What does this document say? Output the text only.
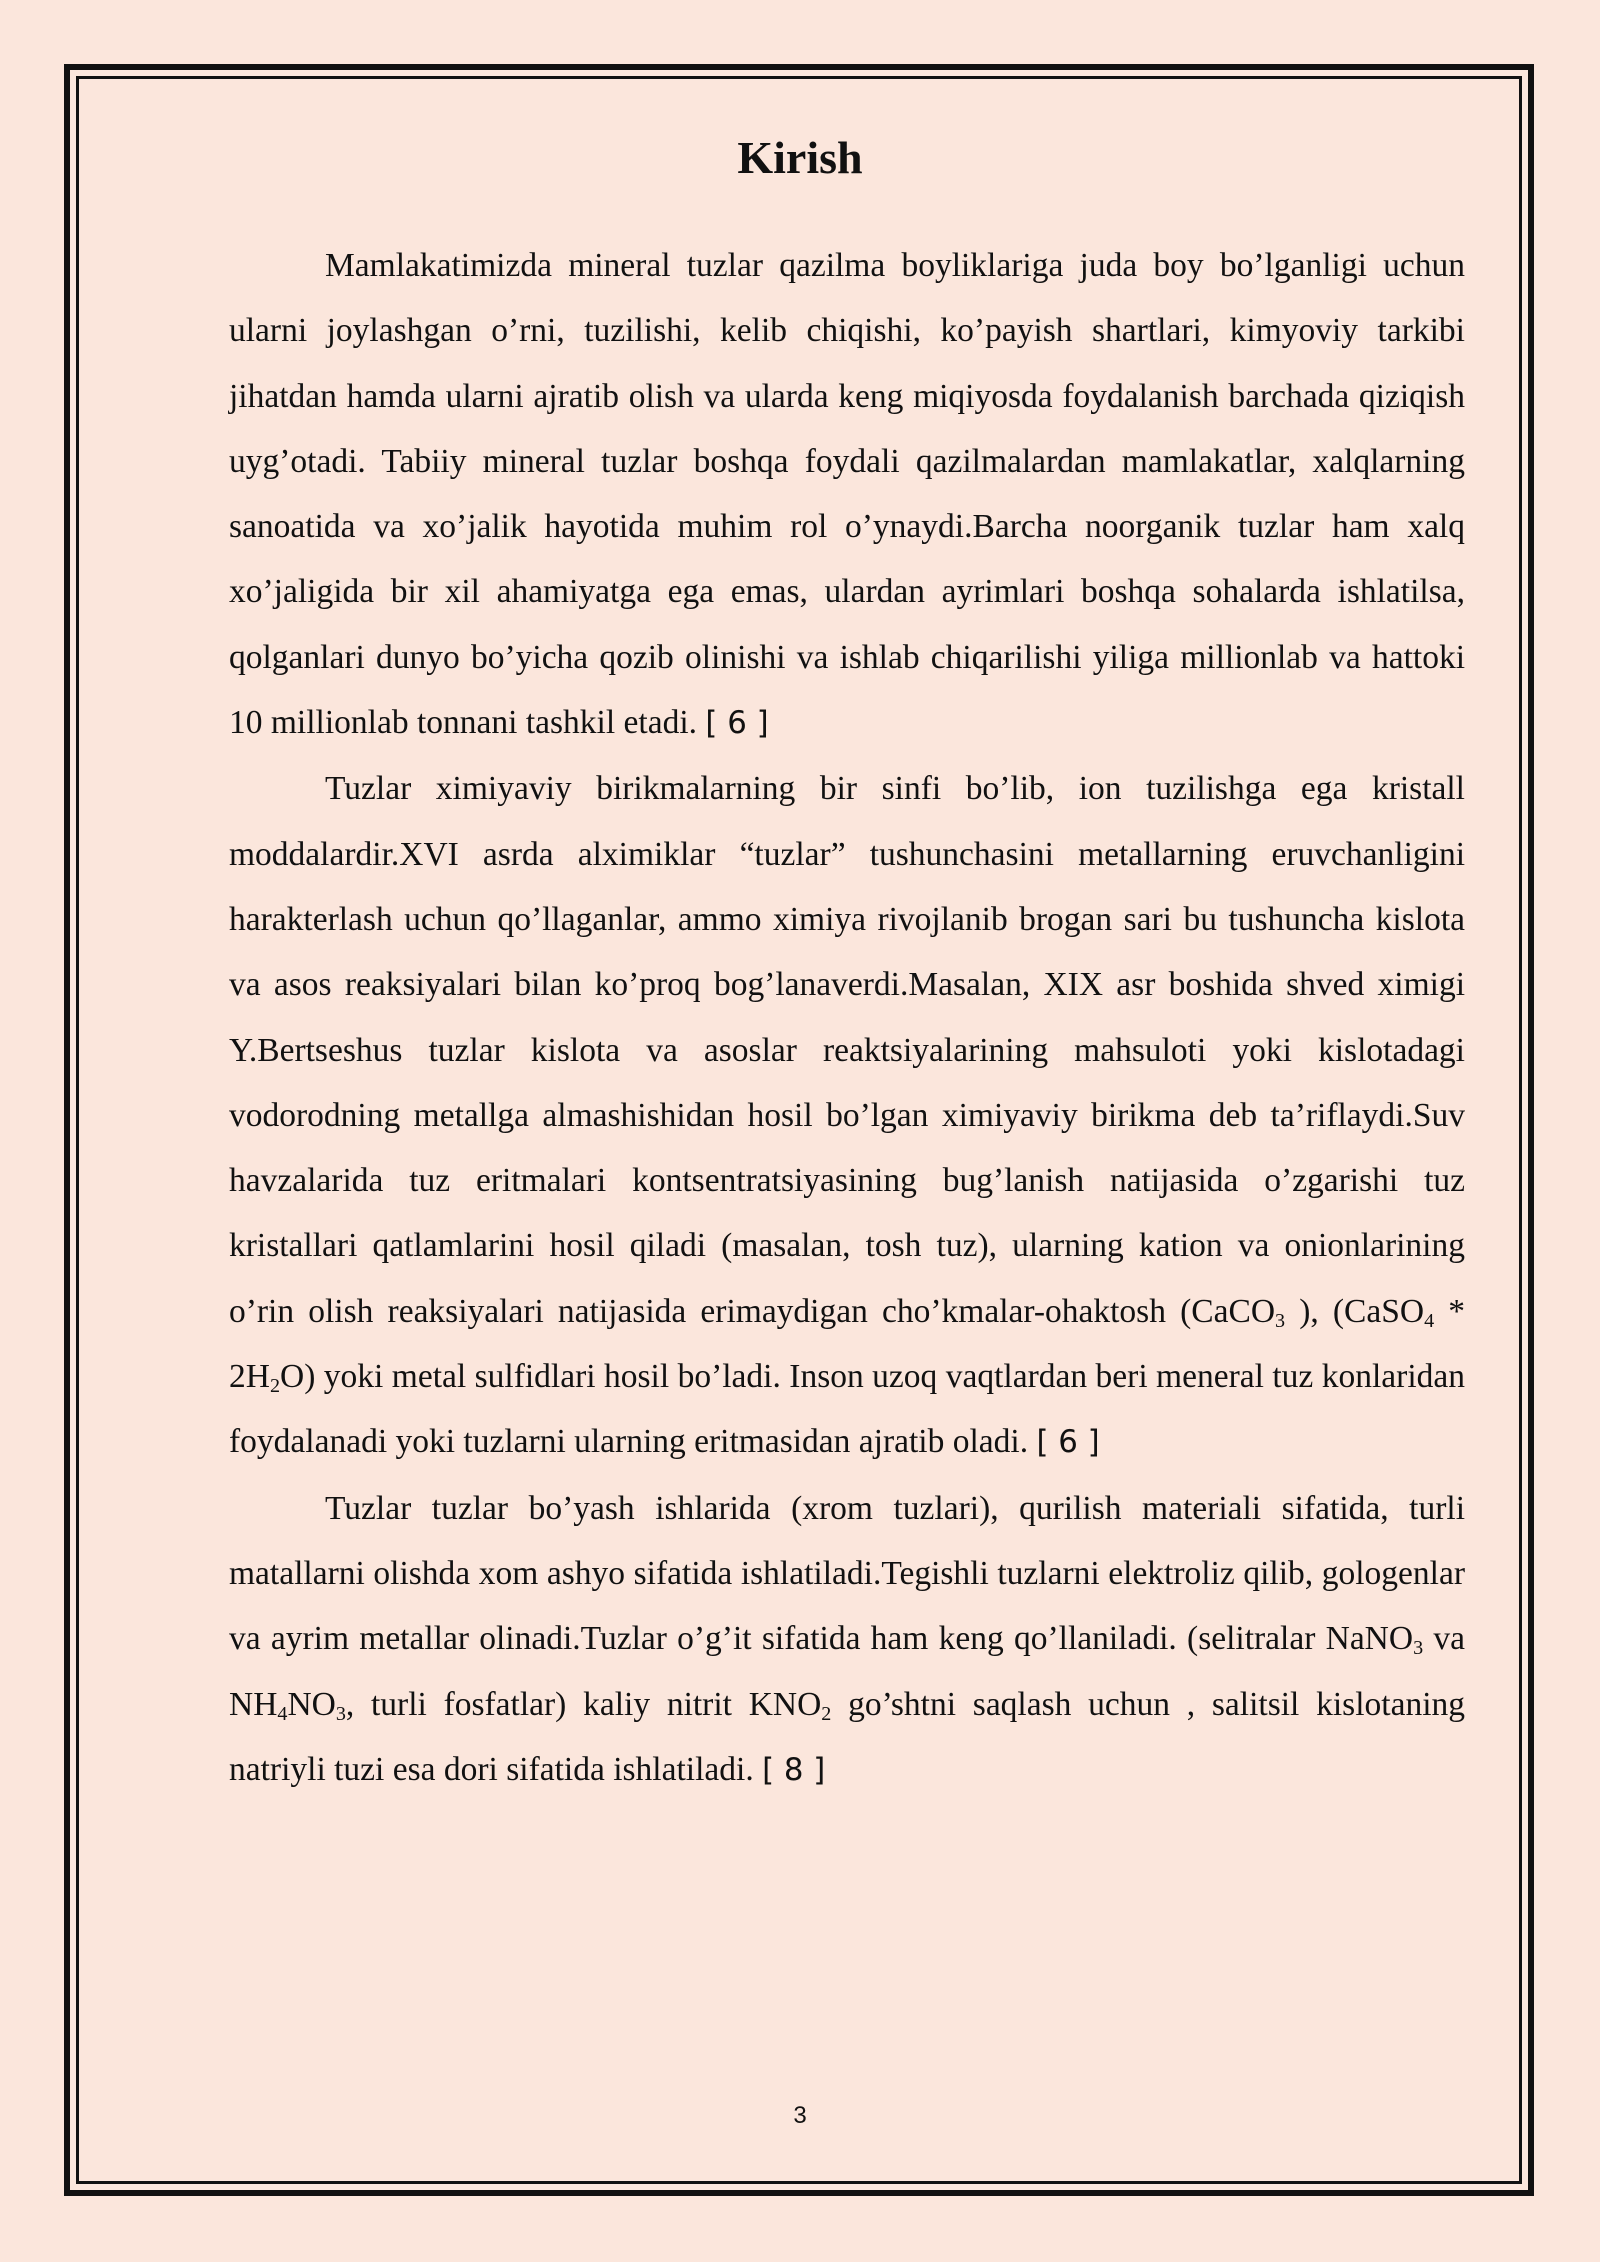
Kirish

Mamlakatimizda mineral tuzlar qazilma boyliklariga juda boy bo’lganligi uchun ularni joylashgan o’rni, tuzilishi, kelib chiqishi, ko’payish shartlari, kimyoviy tarkibi jihatdan hamda ularni ajratib olish va ularda keng miqiyosda foydalanish barchada qiziqish uyg’otadi. Tabiiy mineral tuzlar boshqa foydali qazilmalardan mamlakatlar, xalqlarning sanoatida va xo’jalik hayotida muhim rol o’ynaydi.Barcha noorganik tuzlar ham xalq xo’jaligida bir xil ahamiyatga ega emas, ulardan ayrimlari boshqa sohalarda ishlatilsa, qolganlari dunyo bo’yicha qozib olinishi va ishlab chiqarilishi yiliga millionlab va hattoki 10 millionlab tonnani tashkil etadi. [ 6 ]

Tuzlar ximiyaviy birikmalarning bir sinfi bo’lib, ion tuzilishga ega kristall moddalardir.XVI asrda alximiklar “tuzlar” tushunchasini metallarning eruvchanligini harakterlash uchun qo’llaganlar, ammo ximiya rivojlanib brogan sari bu tushuncha kislota va asos reaksiyalari bilan ko’proq bog’lanaverdi.Masalan, XIX asr boshida shved ximigi Y.Bertseshus tuzlar kislota va asoslar reaktsiyalarining mahsuloti yoki kislotadagi vodorodning metallga almashishidan hosil bo’lgan ximiyaviy birikma deb ta’riflaydi.Suv havzalarida tuz eritmalari kontsentratsiyasining bug’lanish natijasida o’zgarishi tuz kristallari qatlamlarini hosil qiladi (masalan, tosh tuz), ularning kation va onionlarining o’rin olish reaksiyalari natijasida erimaydigan cho’kmalar-ohaktosh (CaCO$_3$ ), (CaSO$_4$ * $2H_2O$) yoki metal sulfidlari hosil bo’ladi. Inson uzoq vaqtlardan beri meneral tuz konlaridan foydalanadi yoki tuzlarni ularning eritmasidan ajratib oladi. [ 6 ]

Tuzlar tuzlar bo’yash ishlarida (xrom tuzlari), qurilish materiali sifatida, turli matallarni olishda xom ashyo sifatida ishlatiladi.Tegishli tuzlarni elektroliz qilib, gologenlar va ayrim metallar olinadi.Tuzlar o’g’it sifatida ham keng qo’llaniladi. (selitralar NaNO$_3$ va $NH_4NO_3$, turli fosfatlar) kaliy nitrit $KNO_2$ go’shtni saqlash uchun , salitsil kislotaning natriyli tuzi esa dori sifatida ishlatiladi. [ 8 ]

3
